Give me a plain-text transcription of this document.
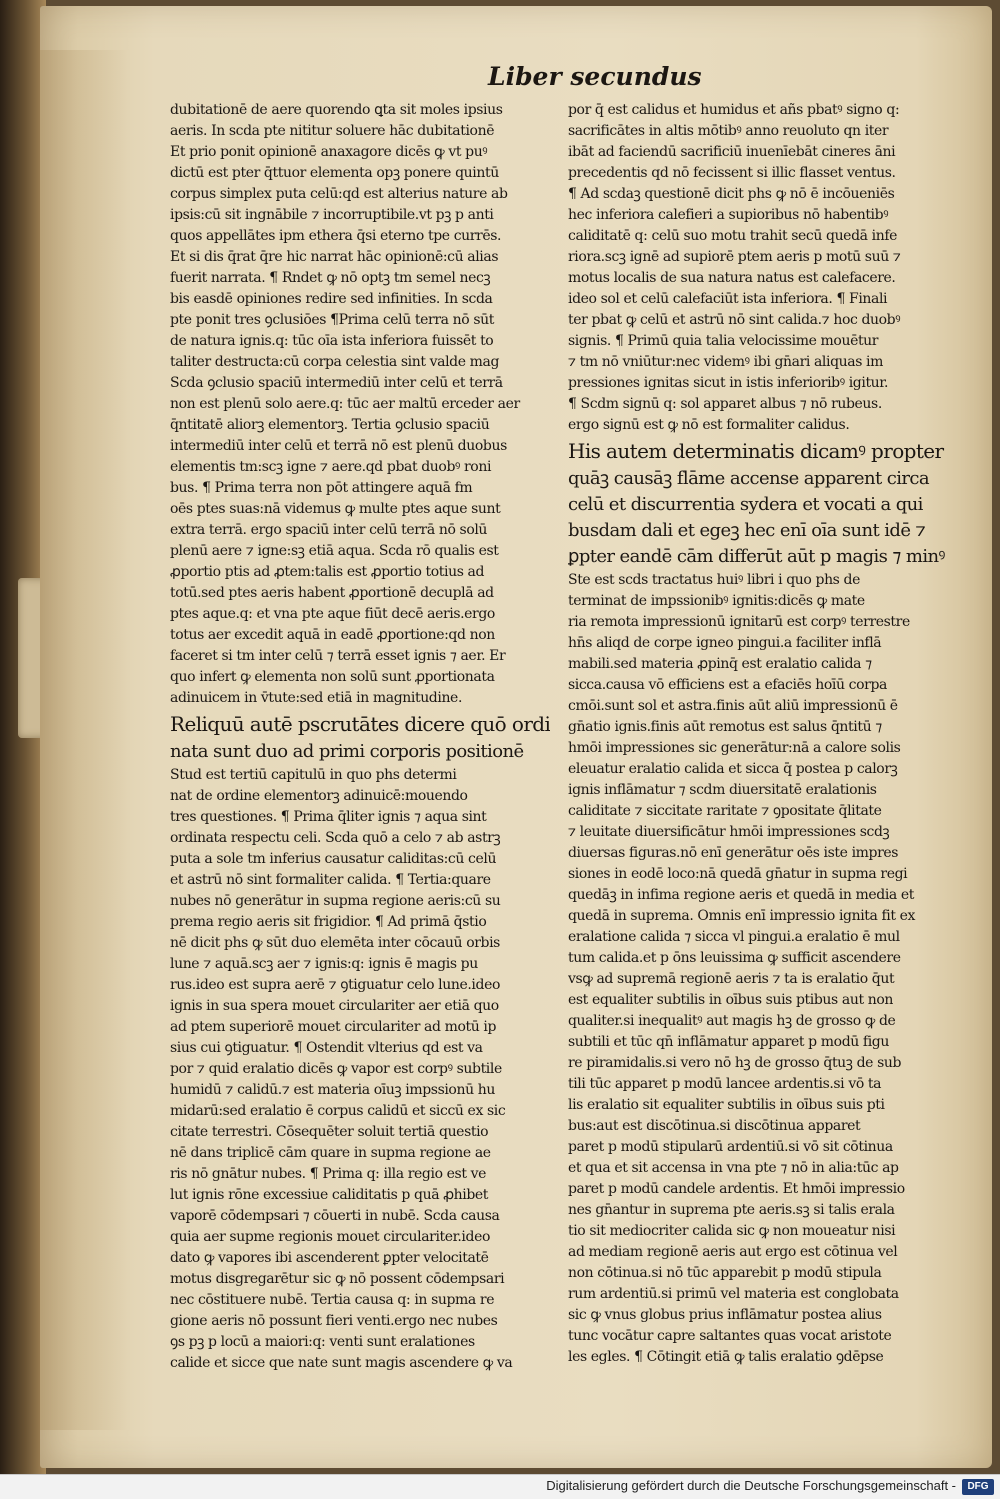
Liber secundus
dubitationē de aere quorendo ꝗta sit moles ipsius
aeris. In scda pte nititur soluere hāc dubitationē
Et prio ponit opinionē anaxagore dicēs ꝙ vt puꝰ
dictū est pter q̄ttuor elementa opꝫ ponere quintū
corpus simplex puta celū:qd est alterius nature ab
ipsis:cū sit ingnābile ⁊ incorruptibile.vt pꝫ p anti
quos appellātes ipm ethera q̄si eterno tpe currēs.
Et si dis q̄rat q̄re hic narrat hāc opinionē:cū alias
fuerit narrata. ¶ Rndet ꝙ nō optꝫ tm semel necꝫ
bis easdē opiniones redire sed infinities. In scda
pte ponit tres ꝯclusiōes ¶Prima celū terra nō sūt
de natura ignis.q: tūc oīa ista inferiora fuissēt to
taliter destructa:cū corpa celestia sint valde mag
Scda ꝯclusio spaciū intermediū inter celū et terrā
non est plenū solo aere.q: tūc aer maltū erceder aer
q̄ntitatē aliorꝫ elementorꝫ. Tertia ꝯclusio spaciū
intermediū inter celū et terrā nō est plenū duobus
elementis tm:scꝫ igne ⁊ aere.qd pbat duobꝰ roni
bus. ¶ Prima terra non pōt attingere aquā fm
oēs ptes suas:nā videmus ꝙ multe ptes aque sunt
extra terrā. ergo spaciū inter celū terrā nō solū
plenū aere ⁊ igne:sꝫ etiā aqua. Scda rō qualis est
ꝓportio ptis ad ꝓtem:talis est ꝓportio totius ad
totū.sed ptes aeris habent ꝓportionē decuplā ad
ptes aque.q: et vna pte aque fiūt decē aeris.ergo
totus aer excedit aquā in eadē ꝓportione:qd non
faceret si tm inter celū ⁊ terrā esset ignis ⁊ aer. Er
quo infert ꝙ elementa non solū sunt ꝓportionata
adinuicem in v̄tute:sed etiā in magnitudine.
Reliquū autē pscrutātes dicere quō ordi
nata sunt duo ad primi corporis positionē
Stud est tertiū capitulū in quo phs determi
nat de ordine elementorꝫ adinuicē:mouendo
tres questiones. ¶ Prima q̄liter ignis ⁊ aqua sint
ordinata respectu celi. Scda quō a celo ⁊ ab astrꝫ
puta a sole tm inferius causatur caliditas:cū celū
et astrū nō sint formaliter calida. ¶ Tertia:quare
nubes nō generātur in supma regione aeris:cū su
prema regio aeris sit frigidior. ¶ Ad primā q̄stio
nē dicit phs ꝙ sūt duo elemēta inter cōcauū orbis
lune ⁊ aquā.scꝫ aer ⁊ ignis:q: ignis ē magis pu
rus.ideo est supra aerē ⁊ ꝯtiguatur celo lune.ideo
ignis in sua spera mouet circulariter aer etiā quo
ad ptem superiorē mouet circulariter ad motū ip
sius cui ꝯtiguatur. ¶ Ostendit vlterius qd est va
por ⁊ quid eralatio dicēs ꝙ vapor est corpꝰ subtile
humidū ⁊ calidū.⁊ est materia oīuꝫ impssionū hu
midarū:sed eralatio ē corpus calidū et siccū ex sic
citate terrestri. Cōsequēter soluit tertiā questio
nē dans triplicē cām quare in supma regione ae
ris nō gnātur nubes. ¶ Prima q: illa regio est ve
lut ignis rōne excessiue caliditatis p quā ꝓhibet
vaporē cōdempsari ⁊ cōuerti in nubē. Scda causa
quia aer supme regionis mouet circulariter.ideo
dato ꝙ vapores ibi ascenderent ꝑpter velocitatē
motus disgregarētur sic ꝙ nō possent cōdempsari
nec cōstituere nubē. Tertia causa q: in supma re
gione aeris nō possunt fieri venti.ergo nec nubes
ꝯs pꝫ p locū a maiori:q: venti sunt eralationes
calide et sicce que nate sunt magis ascendere ꝙ va
por q̄ est calidus et humidus et añs pbatꝰ signo q:
sacrificātes in altis mōtibꝰ anno reuoluto qn iter
ibāt ad faciendū sacrificiū inuenīebāt cineres āni
precedentis qd nō fecissent si illic flasset ventus.
¶ Ad scdaꝫ questionē dicit phs ꝙ nō ē incōueniēs
hec inferiora calefieri a supioribus nō habentibꝰ
caliditatē q: celū suo motu trahit secū quedā infe
riora.scꝫ ignē ad supiorē ptem aeris p motū suū ⁊
motus localis de sua natura natus est calefacere.
ideo sol et celū calefaciūt ista inferiora. ¶ Finali
ter pbat ꝙ celū et astrū nō sint calida.⁊ hoc duobꝰ
signis. ¶ Primū quia talia velocissime mouētur
⁊ tm nō vniūtur:nec videmꝰ ibi gn̄ari aliquas im
pressiones ignitas sicut in istis inferioribꝰ igitur.
¶ Scdm signū q: sol apparet albus ⁊ nō rubeus.
ergo signū est ꝙ nō est formaliter calidus.
His autem determinatis dicamꝰ propter
quāꝫ causāꝫ flāme accense apparent circa
celū et discurrentia sydera et vocati a qui
busdam dali et egeꝫ hec enī oīa sunt idē ⁊
ꝑpter eandē cām differūt aūt p magis ⁊ minꝰ
Ste est scds tractatus huiꝰ libri i quo phs de
terminat de impssionibꝰ ignitis:dicēs ꝙ mate
ria remota impressionū ignitarū est corpꝰ terrestre
hn̄s aliqd de corpe igneo pingui.a faciliter inflā
mabili.sed materia ꝓpinq̄ est eralatio calida ⁊
sicca.causa vō efficiens est a efaciēs hoīū corpa
cmōi.sunt sol et astra.finis aūt aliū impressionū ē
gn̄atio ignis.finis aūt remotus est salus q̄ntitū ⁊
hmōi impressiones sic generātur:nā a calore solis
eleuatur eralatio calida et sicca q̄ postea p calorꝫ
ignis inflāmatur ⁊ scdm diuersitatē eralationis
caliditate ⁊ siccitate raritate ⁊ ꝯpositate q̄litate
⁊ leuitate diuersificātur hmōi impressiones scdꝫ
diuersas figuras.nō enī generātur oēs iste impres
siones in eodē loco:nā quedā gn̄atur in supma regi
quedāꝫ in infima regione aeris et quedā in media et
quedā in suprema. Omnis enī impressio ignita fit ex
eralatione calida ⁊ sicca vl pingui.a eralatio ē mul
tum calida.et p ōns leuissima ꝙ sufficit ascendere
vsꝙ ad supremā regionē aeris ⁊ ta is eralatio q̄ut
est equaliter subtilis in oībus suis ptibus aut non
qualiter.si inequalitꝰ aut magis hꝫ de grosso ꝙ de
subtili et tūc qn̄ inflāmatur apparet p modū figu
re piramidalis.si vero nō hꝫ de grosso q̄tuꝫ de sub
tili tūc apparet p modū lancee ardentis.si vō ta
lis eralatio sit equaliter subtilis in oībus suis pti
bus:aut est discōtinua.si discōtinua apparet
paret p modū stipularū ardentiū.si vō sit cōtinua
et qua et sit accensa in vna pte ⁊ nō in alia:tūc ap
paret p modū candele ardentis. Et hmōi impressio
nes gn̄antur in suprema pte aeris.sꝫ si talis erala
tio sit mediocriter calida sic ꝙ non moueatur nisi
ad mediam regionē aeris aut ergo est cōtinua vel
non cōtinua.si nō tūc apparebit p modū stipula
rum ardentiū.si primū vel materia est conglobata
sic ꝙ vnus globus prius inflāmatur postea alius
tunc vocātur capre saltantes quas vocat aristote
les egles. ¶ Cōtingit etiā ꝙ talis eralatio ꝯdēpse
Digitalisierung gefördert durch die Deutsche Forschungsgemeinschaft -	DFG
